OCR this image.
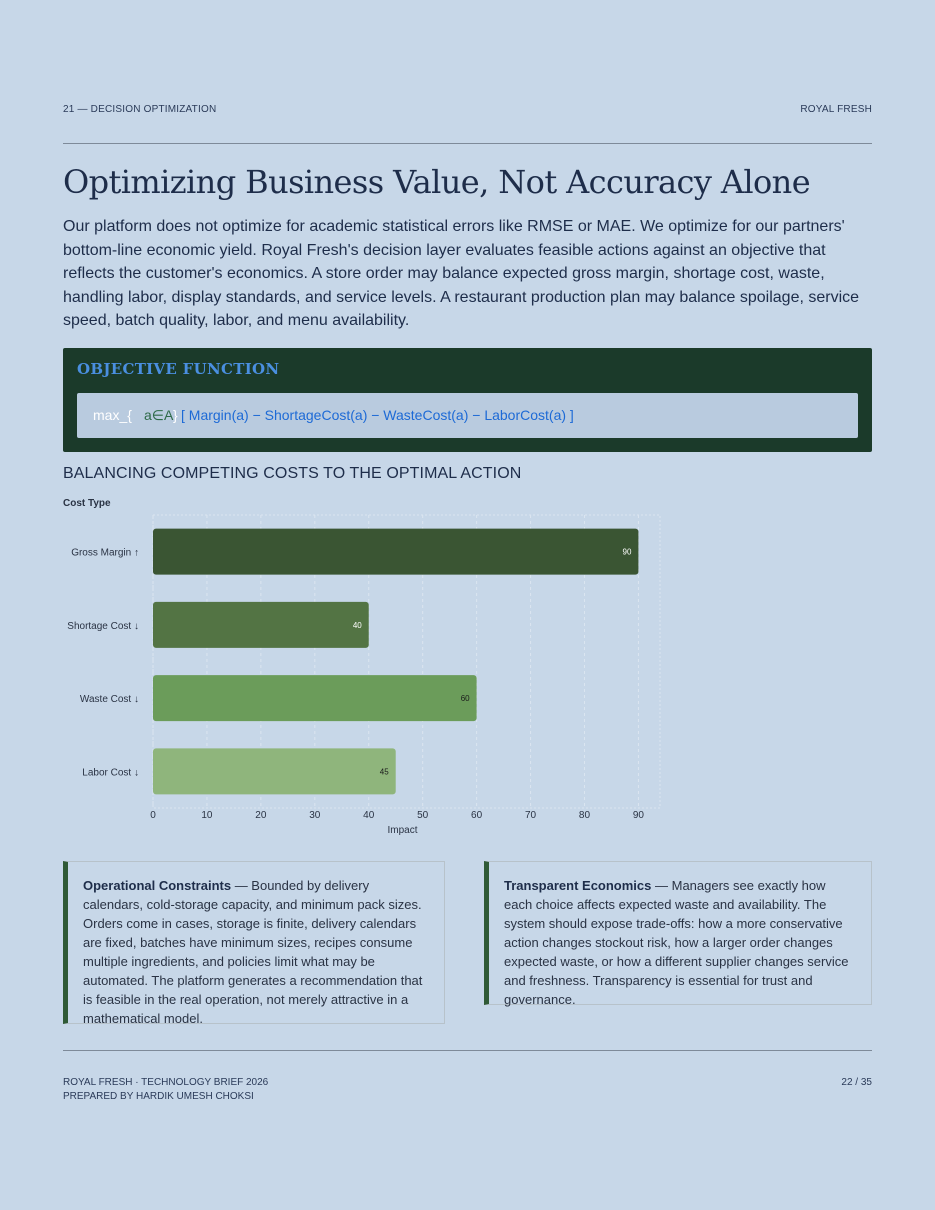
21 — DECISION OPTIMIZATION	ROYAL FRESH
Optimizing Business Value, Not Accuracy Alone

Our platform does not optimize for academic statistical errors like RMSE or MAE. We optimize for our partners' bottom-line economic yield. Royal Fresh's decision layer evaluates feasible actions against an objective that reflects the customer's economics. A store order may balance expected gross margin, shortage cost, waste, handling labor, display standards, and service levels. A restaurant production plan may balance spoilage, service speed, batch quality, labor, and menu availability.

OBJECTIVE FUNCTION
max_{ a∈A } [ Margin(a) − ShortageCost(a) − WasteCost(a) − LaborCost(a) ]
BALANCING COMPETING COSTS TO THE OPTIMAL ACTION
0	10	20	30	40	50	60	70	80	90
90
Gross Margin ↑
40
Shortage Cost ↓
60
Waste Cost ↓
45
Labor Cost ↓
Cost Type
Impact
Operational Constraints — Bounded by delivery calendars, cold-storage capacity, and minimum pack sizes. Orders come in cases, storage is finite, delivery calendars are fixed, batches have minimum sizes, recipes consume multiple ingredients, and policies limit what may be automated. The platform generates a recommendation that is feasible in the real operation, not merely attractive in a mathematical model.
Transparent Economics — Managers see exactly how each choice affects expected waste and availability. The system should expose trade-offs: how a more conservative action changes stockout risk, how a larger order changes expected waste, or how a different supplier changes service and freshness. Transparency is essential for trust and governance.
ROYAL FRESH · TECHNOLOGY BRIEF 2026
PREPARED BY HARDIK UMESH CHOKSI
22 / 35
